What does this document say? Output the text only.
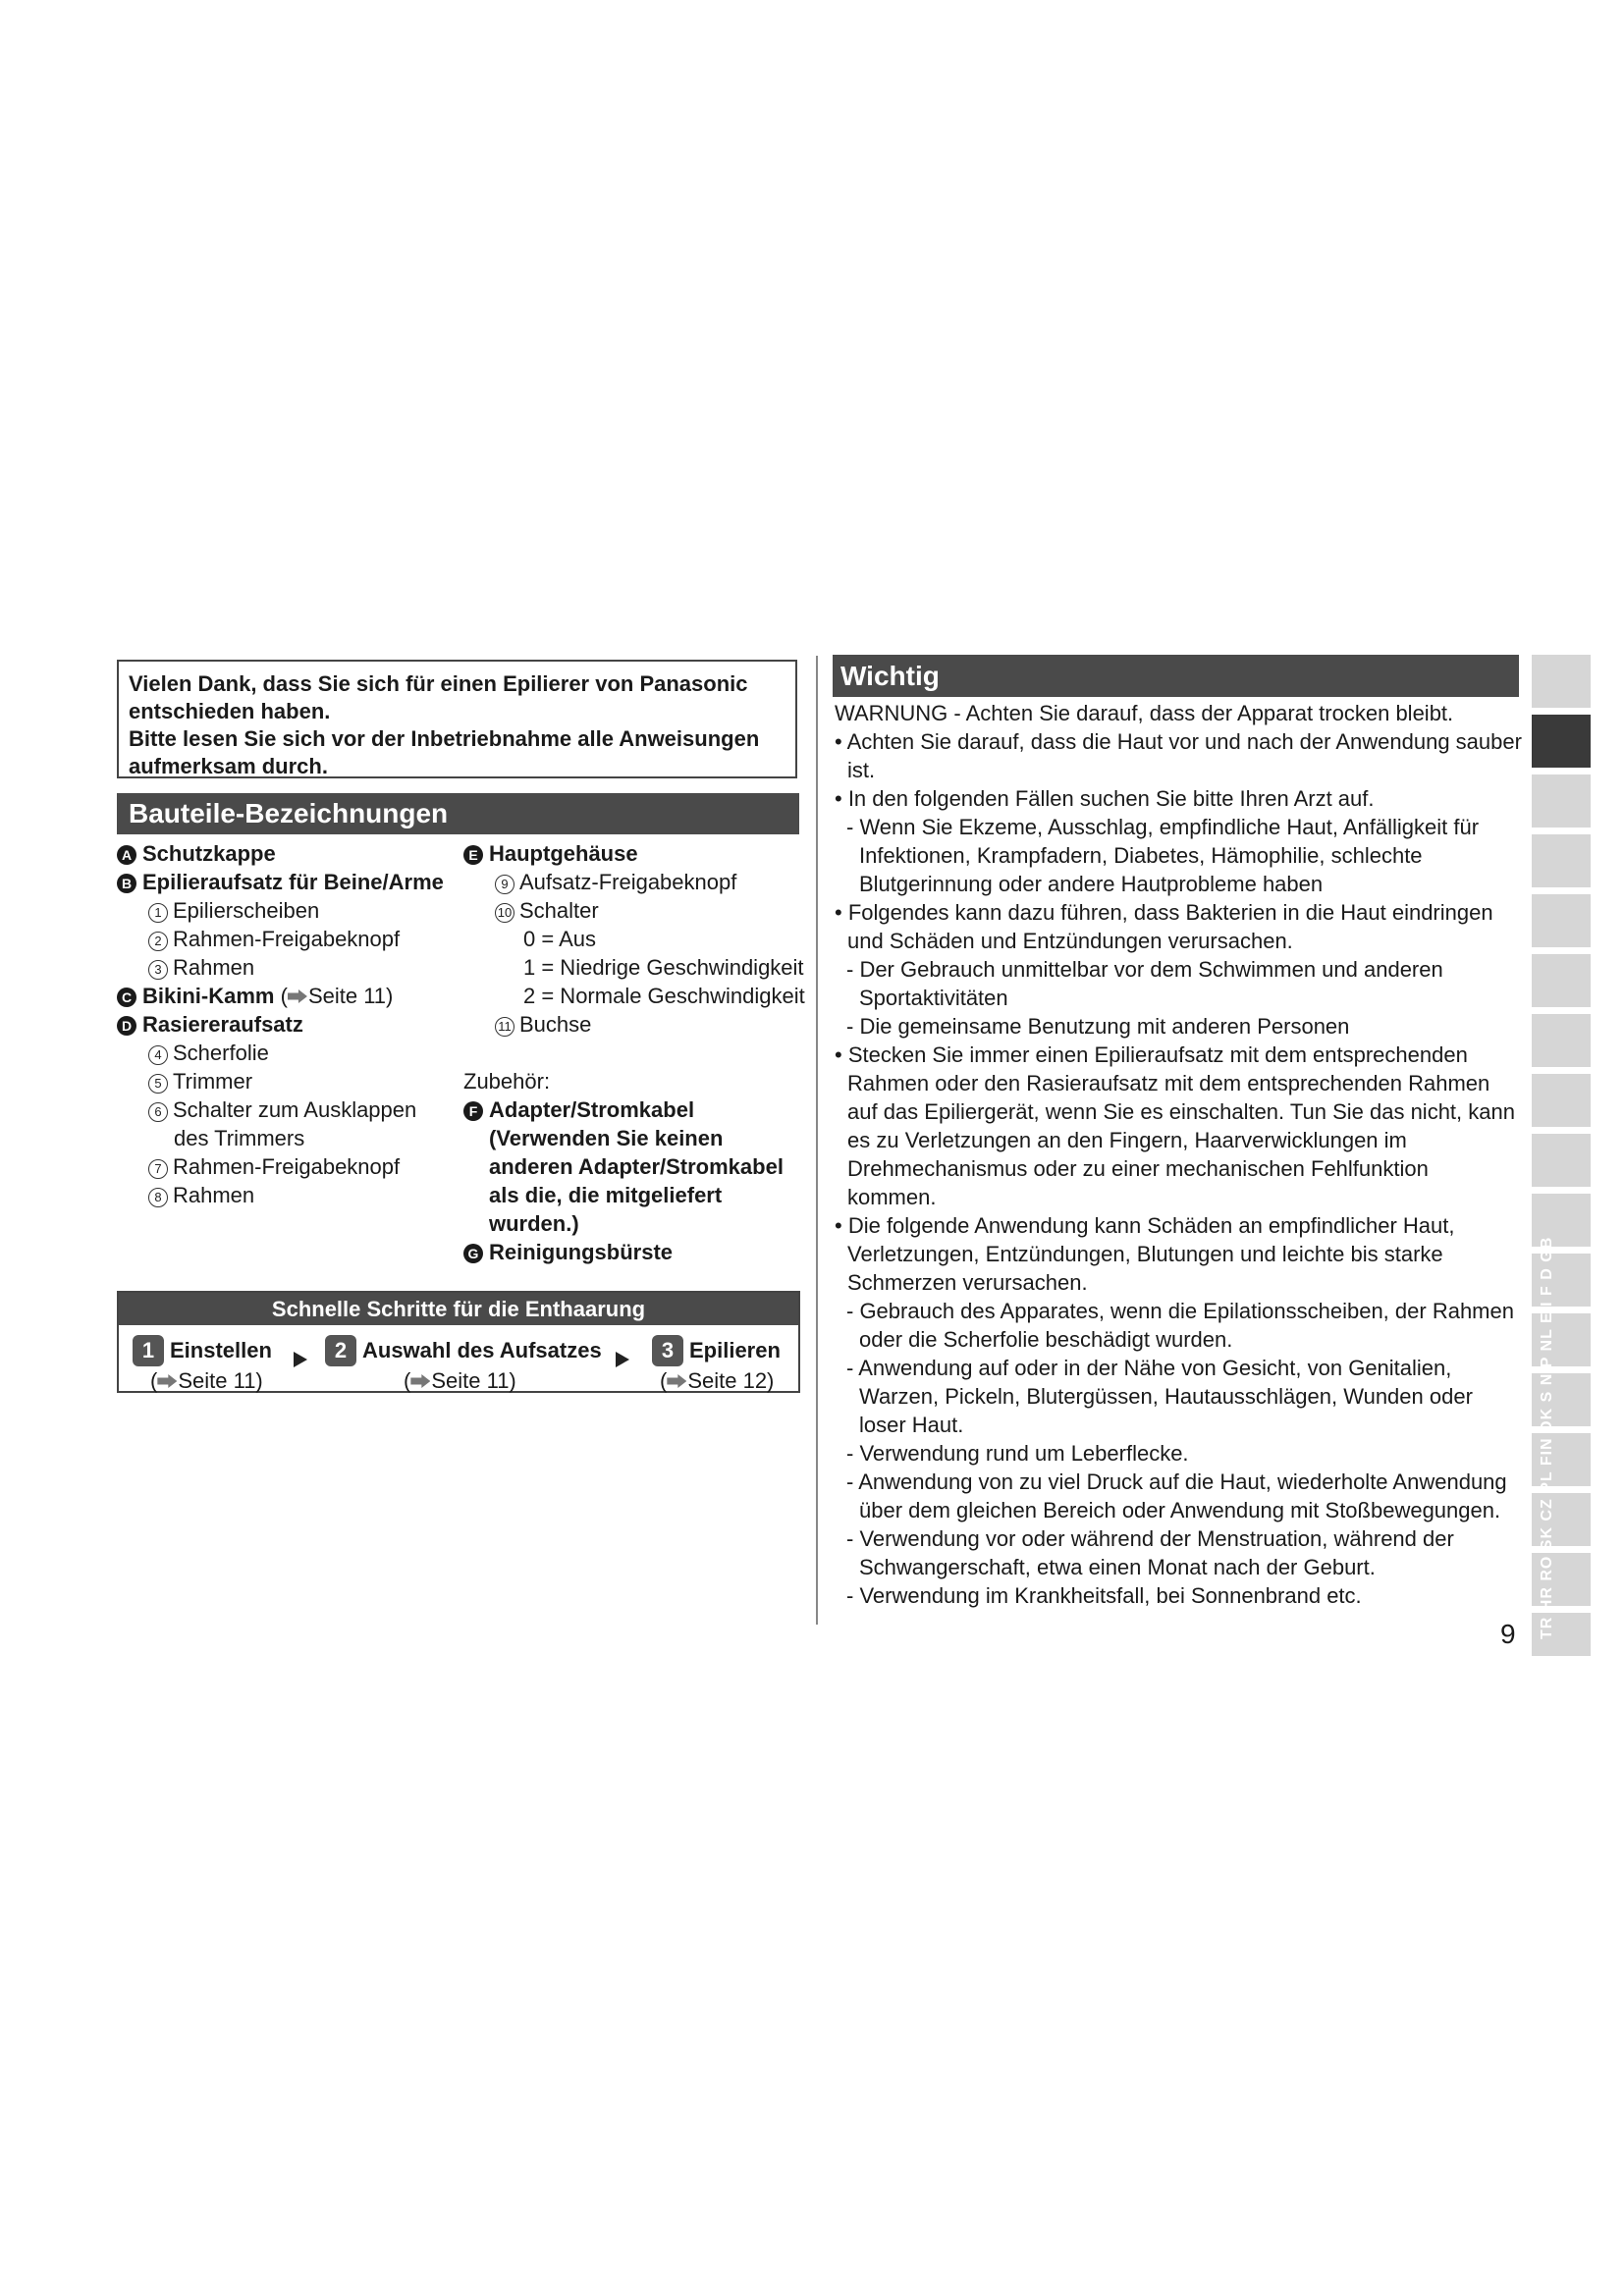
Vielen Dank, dass Sie sich für einen Epilierer von Panasonic

entschieden haben.

Bitte lesen Sie sich vor der Inbetriebnahme alle Anweisungen

aufmerksam durch.

Bauteile-Bezeichnungen
A Schutzkappe
B Epilieraufsatz für Beine/Arme
1 Epilierscheiben
2 Rahmen-Freigabeknopf
3 Rahmen
C Bikini-Kamm ( Seite 11)
D Rasiereraufsatz
4 Scherfolie
5 Trimmer
6 Schalter zum Ausklappen
des Trimmers
7 Rahmen-Freigabeknopf
8 Rahmen
E Hauptgehäuse
9 Aufsatz-Freigabeknopf
10 Schalter
0 = Aus
1 = Niedrige Geschwindigkeit
2 = Normale Geschwindigkeit
11 Buchse
Zubehör:
F Adapter/Stromkabel
(Verwenden Sie keinen
anderen Adapter/Stromkabel
als die, die mitgeliefert
wurden.)
G Reinigungsbürste
Schnelle Schritte für die Enthaarung
1 Einstellen
( Seite 11)
2 Auswahl des Aufsatzes
( Seite 11)
3 Epilieren
( Seite 12)
Wichtig

WARNUNG - Achten Sie darauf, dass der Apparat trocken bleibt.

• Achten Sie darauf, dass die Haut vor und nach der Anwendung sauber ist.

• In den folgenden Fällen suchen Sie bitte Ihren Arzt auf.

- Wenn Sie Ekzeme, Ausschlag, empfindliche Haut, Anfälligkeit für Infektionen, Krampfadern, Diabetes, Hämophilie, schlechte Blutgerinnung oder andere Hautprobleme haben

• Folgendes kann dazu führen, dass Bakterien in die Haut eindringen und Schäden und Entzündungen verursachen.

- Der Gebrauch unmittelbar vor dem Schwimmen und anderen Sportaktivitäten

- Die gemeinsame Benutzung mit anderen Personen

• Stecken Sie immer einen Epilieraufsatz mit dem entsprechenden Rahmen oder den Rasieraufsatz mit dem entsprechenden Rahmen auf das Epiliergerät, wenn Sie es einschalten. Tun Sie das nicht, kann es zu Verletzungen an den Fingern, Haarverwicklungen im Drehmechanismus oder zu einer mechanischen Fehlfunktion kommen.

• Die folgende Anwendung kann Schäden an empfindlicher Haut, Verletzungen, Entzündungen, Blutungen und leichte bis starke Schmerzen verursachen.

- Gebrauch des Apparates, wenn die Epilationsscheiben, der Rahmen oder die Scherfolie beschädigt wurden.

- Anwendung auf oder in der Nähe von Gesicht, von Genitalien, Warzen, Pickeln, Blutergüssen, Hautausschlägen, Wunden oder loser Haut.

- Verwendung rund um Leberflecke.

- Anwendung von zu viel Druck auf die Haut, wiederholte Anwendung über dem gleichen Bereich oder Anwendung mit Stoßbewegungen.

- Verwendung vor oder während der Menstruation, während der Schwangerschaft, etwa einen Monat nach der Geburt.

- Verwendung im Krankheitsfall, bei Sonnenbrand etc.	TR HR RO SK CZ PL FIN DK S N P NL E I F D GB
9
